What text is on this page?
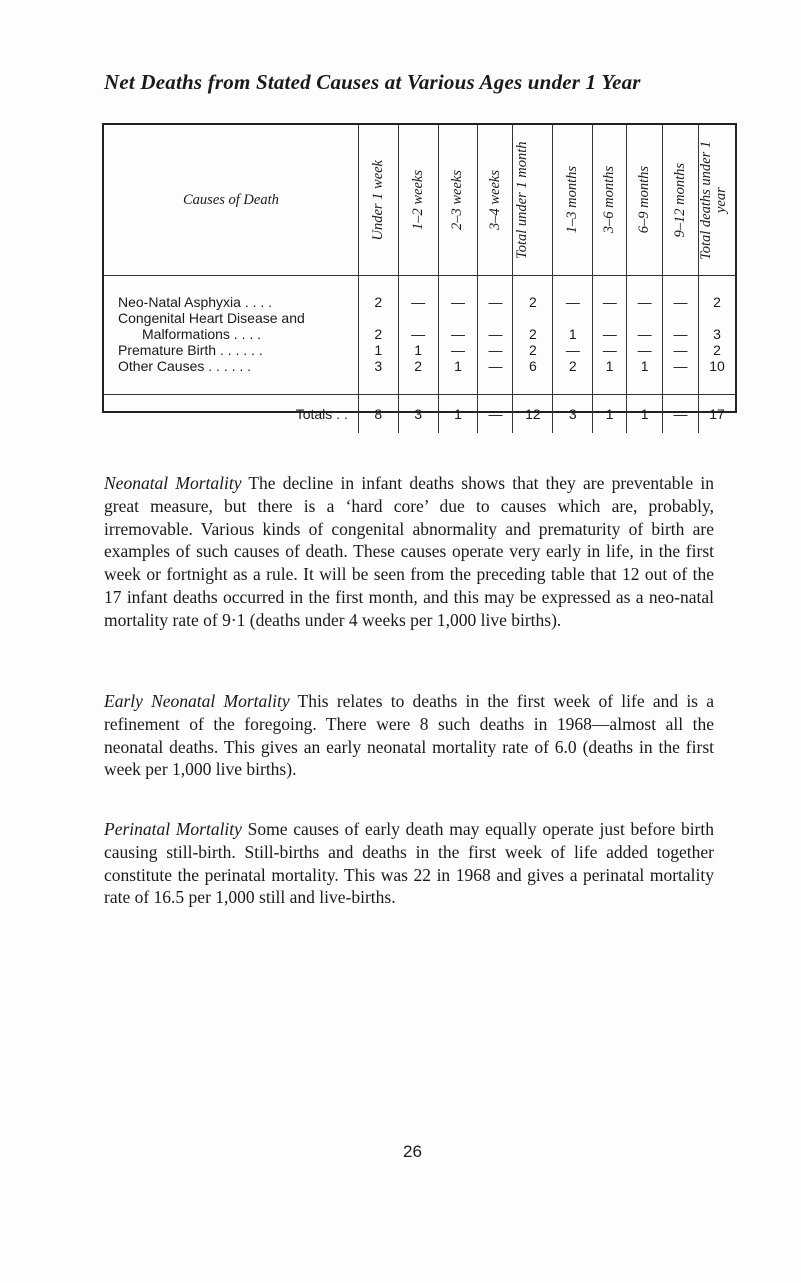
Net Deaths from Stated Causes at Various Ages under 1 Year
Causes of Death	Under 1 week	1–2 weeks	2–3 weeks	3–4 weeks	Total under 1 month	1–3 months	3–6 months	6–9 months	9–12 months	Total deaths under 1 year

Neo-Natal Asphyxia . . . .	2	—	—	—	2	—	—	—	—	2
Congenital Heart Disease and										
Malformations . . . .	2	—	—	—	2	1	—	—	—	3
Premature Birth . . . . . .	1	1	—	—	2	—	—	—	—	2
Other Causes . . . . . .	3	2	1	—	6	2	1	1	—	10

Totals . .	8	3	1	—	12	3	1	1	—	17

Neonatal Mortality The decline in infant deaths shows that they are preventable in great measure, but there is a ‘hard core’ due to causes which are, probably, irremovable. Various kinds of congenital abnormality and prematurity of birth are examples of such causes of death. These causes operate very early in life, in the first week or fortnight as a rule. It will be seen from the preceding table that 12 out of the 17 infant deaths occurred in the first month, and this may be expressed as a neo-natal mortality rate of 9·1 (deaths under 4 weeks per 1,000 live births).

Early Neonatal Mortality This relates to deaths in the first week of life and is a refinement of the foregoing. There were 8 such deaths in 1968—almost all the neonatal deaths. This gives an early neonatal mortality rate of 6.0 (deaths in the first week per 1,000 live births).

Perinatal Mortality Some causes of early death may equally operate just before birth causing still-birth. Still-births and deaths in the first week of life added together constitute the perinatal mortality. This was 22 in 1968 and gives a perinatal mortality rate of 16.5 per 1,000 still and live-births.

26
